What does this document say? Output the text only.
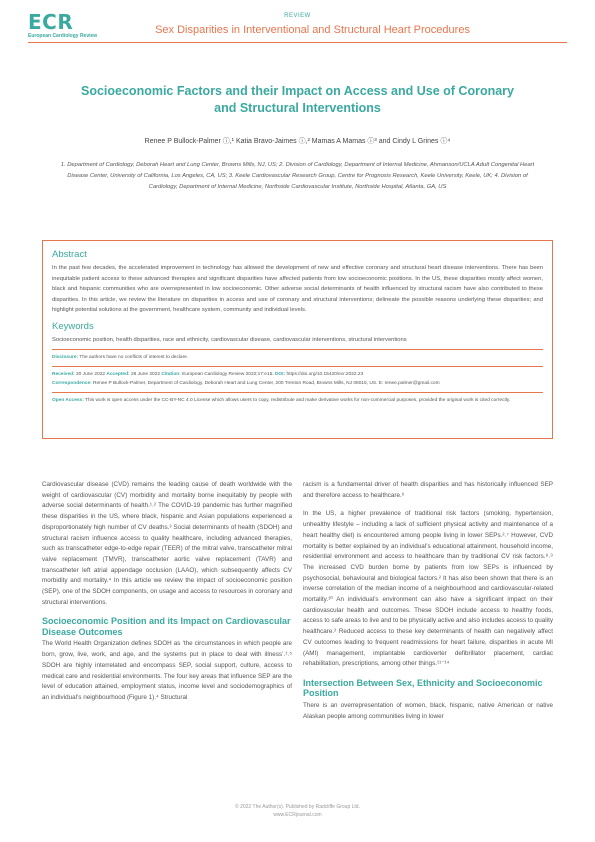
ECR
European Cardiology Review
REVIEW
Sex Disparities in Interventional and Structural Heart Procedures
Socioeconomic Factors and their Impact on Access and Use of Coronary and Structural Interventions
Renee P Bullock-Palmer ⓘ,¹ Katia Bravo-Jaimes ⓘ,² Mamas A Mamas ⓘ³ and Cindy L Grines ⓘ⁴
1. Department of Cardiology, Deborah Heart and Lung Center, Browns Mills, NJ, US; 2. Division of Cardiology, Department of Internal Medicine, Ahmanson/UCLA Adult Congenital Heart Disease Center, University of California, Los Angeles, CA, US; 3. Keele Cardiovascular Research Group, Centre for Prognosis Research, Keele University, Keele, UK; 4. Division of Cardiology, Department of Internal Medicine, Northside Cardiovascular Institute, Northside Hospital, Atlanta, GA, US
Abstract

In the past few decades, the accelerated improvement in technology has allowed the development of new and effective coronary and structural heart disease interventions. There has been inequitable patient access to these advanced therapies and significant disparities have affected patients from low socioeconomic positions. In the US, these disparities mostly affect women, black and hispanic communities who are overrepresented in low socioeconomic. Other adverse social determinants of health influenced by structural racism have also contributed to these disparities. In this article, we review the literature on disparities in access and use of coronary and structural interventions; delineate the possible reasons underlying these disparities; and highlight potential solutions at the government, healthcare system, community and individual levels.

Keywords

Socioeconomic position, health disparities, race and ethnicity, cardiovascular disease, cardiovascular interventions, structural interventions

Disclosure: The authors have no conflicts of interest to declare.

Received: 20 June 2022 Accepted: 28 June 2022 Citation: European Cardiology Review 2022;17:e15. DOI: https://doi.org/10.15420/ecr.2022.23

Correspondence: Renee P Bullock-Palmer, Department of Cardiology, Deborah Heart and Lung Center, 200 Trenton Road, Browns Mills, NJ 08015, US. E: renee.palmer@gmail.com

Open Access: This work is open access under the CC-BY-NC 4.0 License which allows users to copy, redistribute and make derivative works for non-commercial purposes, provided the original work is cited correctly.

Cardiovascular disease (CVD) remains the leading cause of death worldwide with the weight of cardiovascular (CV) morbidity and mortality borne inequitably by people with adverse social determinants of health.¹˒² The COVID-19 pandemic has further magnified these disparities in the US, where black, hispanic and Asian populations experienced a disproportionately high number of CV deaths.³ Social determinants of health (SDOH) and structural racism influence access to quality healthcare, including advanced therapies, such as transcatheter edge-to-edge repair (TEER) of the mitral valve, transcatheter mitral valve replacement (TMVR), transcatheter aortic valve replacement (TAVR) and transcatheter left atrial appendage occlusion (LAAO), which subsequently affects CV morbidity and mortality.⁴ In this article we review the impact of socioeconomic position (SEP), one of the SDOH components, on usage and access to resources in coronary and structural interventions.

Socioeconomic Position and its Impact on Cardiovascular Disease Outcomes

The World Health Organization defines SDOH as ‘the circumstances in which people are born, grow, live, work, and age, and the systems put in place to deal with illness’.¹˒⁵ SDOH are highly interrelated and encompass SEP, social support, culture, access to medical care and residential environments. The four key areas that influence SEP are the level of education attained, employment status, income level and sociodemographics of an individual’s neighbourhood (Figure 1).⁴ Structural

racism is a fundamental driver of health disparities and has historically influenced SEP and therefore access to healthcare.⁶

In the US, a higher prevalence of traditional risk factors (smoking, hypertension, unhealthy lifestyle – including a lack of sufficient physical activity and maintenance of a heart healthy diet) is encountered among people living in lower SEPs.²˒⁷ However, CVD mortality is better explained by an individual’s educational attainment, household income, residential environment and access to healthcare than by traditional CV risk factors.⁸˒⁹ The increased CVD burden borne by patients from low SEPs is influenced by psychosocial, behavioural and biological factors.² It has also been shown that there is an inverse correlation of the median income of a neighbourhood and cardiovascular-related mortality.¹⁰ An individual’s environment can also have a significant impact on their cardiovascular health and outcomes. These SDOH include access to healthy foods, access to safe areas to live and to be physically active and also includes access to quality healthcare.² Reduced access to these key determinants of health can negatively affect CV outcomes leading to frequent readmissions for heart failure, disparities in acute MI (AMI) management, implantable cardioverter defibrillator placement, cardiac rehabilitation, prescriptions, among other things.¹¹⁻¹⁴

Intersection Between Sex, Ethnicity and Socioeconomic Position

There is an overrepresentation of women, black, hispanic, native American or native Alaskan people among communities living in lower

© 2022 The Author(s). Published by Radcliffe Group Ltd.
www.ECRjournal.com
